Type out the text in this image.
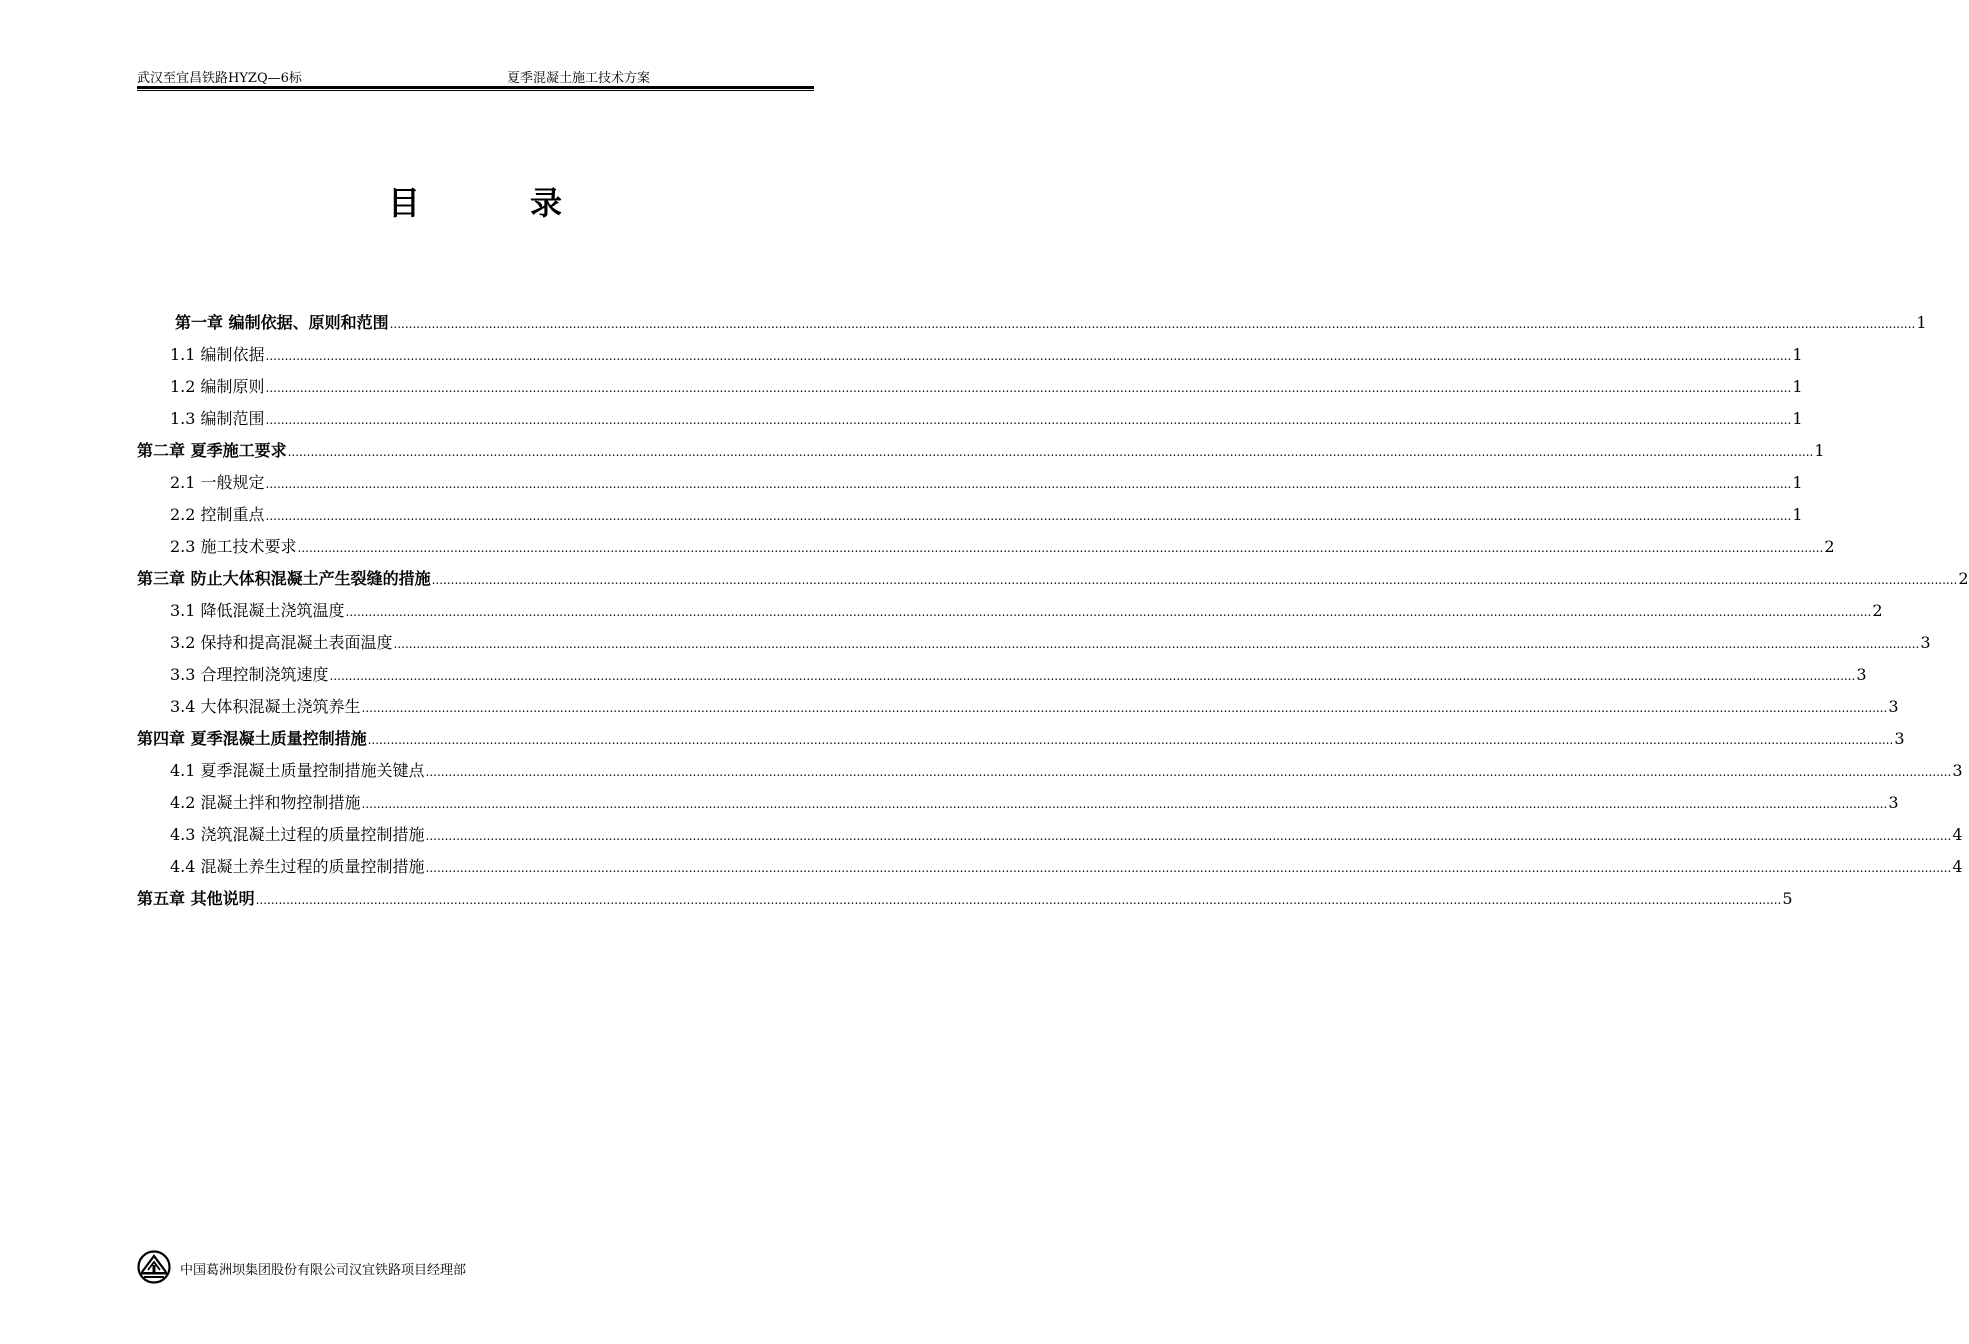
武汉至宜昌铁路HYZQ—6标	夏季混凝土施工技术方案
目	录
第一章 编制依据、原则和范围 ................................................................................................................................................................................................................................................................................................................................................................................................................ 1
1.1 编制依据 ................................................................................................................................................................................................................................................................................................................................................................................................................ 1
1.2 编制原则 ................................................................................................................................................................................................................................................................................................................................................................................................................ 1
1.3 编制范围 ................................................................................................................................................................................................................................................................................................................................................................................................................ 1
第二章 夏季施工要求 ................................................................................................................................................................................................................................................................................................................................................................................................................ 1
2.1 一般规定 ................................................................................................................................................................................................................................................................................................................................................................................................................ 1
2.2 控制重点 ................................................................................................................................................................................................................................................................................................................................................................................................................ 1
2.3 施工技术要求 ................................................................................................................................................................................................................................................................................................................................................................................................................ 2
第三章 防止大体积混凝土产生裂缝的措施 ................................................................................................................................................................................................................................................................................................................................................................................................................ 2
3.1 降低混凝土浇筑温度 ................................................................................................................................................................................................................................................................................................................................................................................................................ 2
3.2 保持和提高混凝土表面温度 ................................................................................................................................................................................................................................................................................................................................................................................................................ 3
3.3 合理控制浇筑速度 ................................................................................................................................................................................................................................................................................................................................................................................................................ 3
3.4 大体积混凝土浇筑养生 ................................................................................................................................................................................................................................................................................................................................................................................................................ 3
第四章 夏季混凝土质量控制措施 ................................................................................................................................................................................................................................................................................................................................................................................................................ 3
4.1 夏季混凝土质量控制措施关键点 ................................................................................................................................................................................................................................................................................................................................................................................................................ 3
4.2 混凝土拌和物控制措施 ................................................................................................................................................................................................................................................................................................................................................................................................................ 3
4.3 浇筑混凝土过程的质量控制措施 ................................................................................................................................................................................................................................................................................................................................................................................................................ 4
4.4 混凝土养生过程的质量控制措施 ................................................................................................................................................................................................................................................................................................................................................................................................................ 4
第五章 其他说明 ................................................................................................................................................................................................................................................................................................................................................................................................................ 5
中国葛洲坝集团股份有限公司汉宜铁路项目经理部
